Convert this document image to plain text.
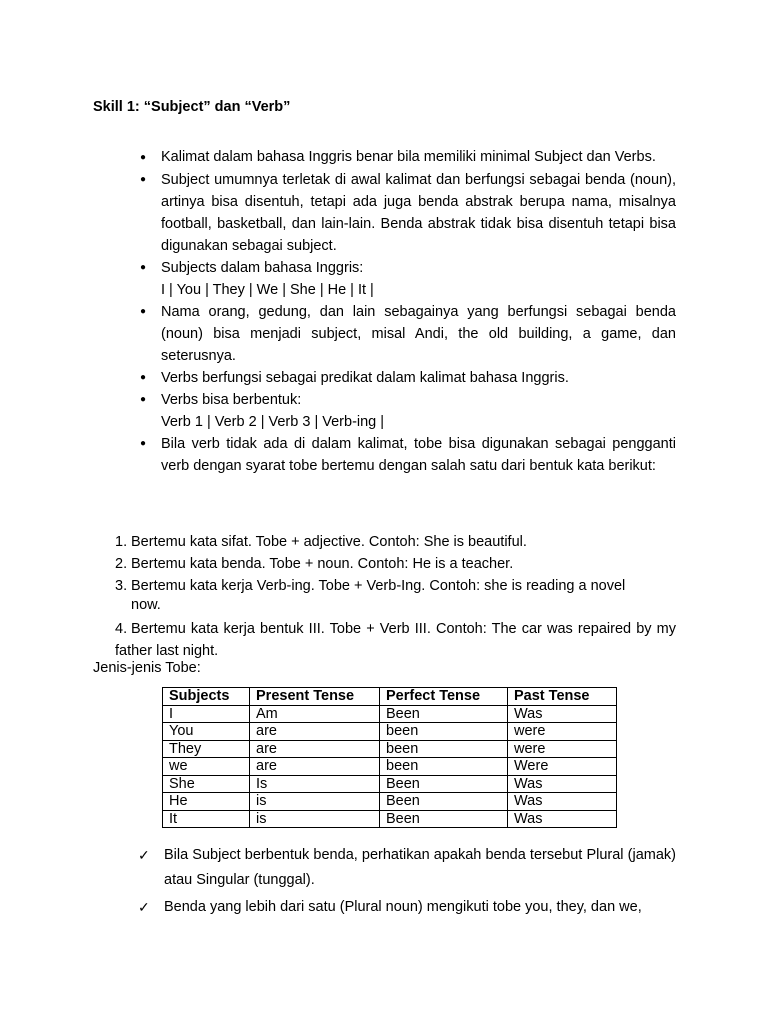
Skill 1: “Subject” dan “Verb”
● Kalimat dalam bahasa Inggris benar bila memiliki minimal Subject dan Verbs.
● Subject umumnya terletak di awal kalimat dan berfungsi sebagai benda (noun), artinya bisa disentuh, tetapi ada juga benda abstrak berupa nama, misalnya football, basketball, dan lain-lain. Benda abstrak tidak bisa disentuh tetapi bisa digunakan sebagai subject.
● Subjects dalam bahasa Inggris:
I | You | They | We | She | He | It |
● Nama orang, gedung, dan lain sebagainya yang berfungsi sebagai benda (noun) bisa menjadi subject, misal Andi, the old building, a game, dan seterusnya.
● Verbs berfungsi sebagai predikat dalam kalimat bahasa Inggris.
● Verbs bisa berbentuk:
Verb 1 | Verb 2 | Verb 3 | Verb-ing |
● Bila verb tidak ada di dalam kalimat, tobe bisa digunakan sebagai pengganti verb dengan syarat tobe bertemu dengan salah satu dari bentuk kata berikut:
1. Bertemu kata sifat. Tobe + adjective. Contoh: She is beautiful.
2. Bertemu kata benda. Tobe + noun. Contoh: He is a teacher.
3. Bertemu kata kerja Verb-ing. Tobe + Verb-Ing. Contoh: she is reading a novel
now.
4. Bertemu kata kerja bentuk III. Tobe + Verb III. Contoh: The car was repaired by my father last night.
Jenis-jenis Tobe:
Subjects	Present Tense	Perfect Tense	Past Tense
I	Am	Been	Was
You	are	been	were
They	are	been	were
we	are	been	Were
She	Is	Been	Was
He	is	Been	Was
It	is	Been	Was
✓ Bila Subject berbentuk benda, perhatikan apakah benda tersebut Plural (jamak) atau Singular (tunggal).
✓ Benda yang lebih dari satu (Plural noun) mengikuti tobe you, they, dan we,
